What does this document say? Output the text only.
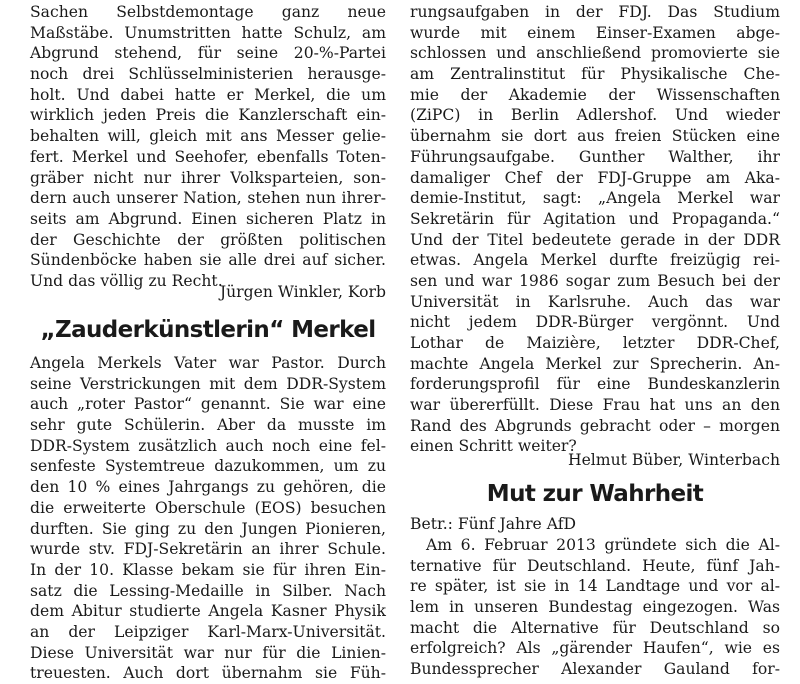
Sachen Selbstdemontage ganz neue
Maßstäbe. Unumstritten hatte Schulz, am
Abgrund stehend, für seine 20-%-Partei
noch drei Schlüsselministerien herausge-
holt. Und dabei hatte er Merkel, die um
wirklich jeden Preis die Kanzlerschaft ein-
behalten will, gleich mit ans Messer gelie-
fert. Merkel und Seehofer, ebenfalls Toten-
gräber nicht nur ihrer Volksparteien, son-
dern auch unserer Nation, stehen nun ihrer-
seits am Abgrund. Einen sicheren Platz in
der Geschichte der größten politischen
Sündenböcke haben sie alle drei auf sicher.
Und das völlig zu Recht.
Jürgen Winkler, Korb
„Zauderkünstlerin“ Merkel
Angela Merkels Vater war Pastor. Durch
seine Verstrickungen mit dem DDR-System
auch „roter Pastor“ genannt. Sie war eine
sehr gute Schülerin. Aber da musste im
DDR-System zusätzlich auch noch eine fel-
senfeste Systemtreue dazukommen, um zu
den 10 % eines Jahrgangs zu gehören, die
die erweiterte Oberschule (EOS) besuchen
durften. Sie ging zu den Jungen Pionieren,
wurde stv. FDJ-Sekretärin an ihrer Schule.
In der 10. Klasse bekam sie für ihren Ein-
satz die Lessing-Medaille in Silber. Nach
dem Abitur studierte Angela Kasner Physik
an der Leipziger Karl-Marx-Universität.
Diese Universität war nur für die Linien-
treuesten. Auch dort übernahm sie Füh-
rungsaufgaben in der FDJ. Das Studium
wurde mit einem Einser-Examen abge-
schlossen und anschließend promovierte sie
am Zentralinstitut für Physikalische Che-
mie der Akademie der Wissenschaften
(ZiPC) in Berlin Adlershof. Und wieder
übernahm sie dort aus freien Stücken eine
Führungsaufgabe. Gunther Walther, ihr
damaliger Chef der FDJ-Gruppe am Aka-
demie-Institut, sagt: „Angela Merkel war
Sekretärin für Agitation und Propaganda.“
Und der Titel bedeutete gerade in der DDR
etwas. Angela Merkel durfte freizügig rei-
sen und war 1986 sogar zum Besuch bei der
Universität in Karlsruhe. Auch das war
nicht jedem DDR-Bürger vergönnt. Und
Lothar de Maizière, letzter DDR-Chef,
machte Angela Merkel zur Sprecherin. An-
forderungsprofil für eine Bundeskanzlerin
war übererfüllt. Diese Frau hat uns an den
Rand des Abgrunds gebracht oder – morgen
einen Schritt weiter?
Helmut Büber, Winterbach
Mut zur Wahrheit
Betr.: Fünf Jahre AfD
Am 6. Februar 2013 gründete sich die Al-
ternative für Deutschland. Heute, fünf Jah-
re später, ist sie in 14 Landtage und vor al-
lem in unseren Bundestag eingezogen. Was
macht die Alternative für Deutschland so
erfolgreich? Als „gärender Haufen“, wie es
Bundessprecher Alexander Gauland for-
